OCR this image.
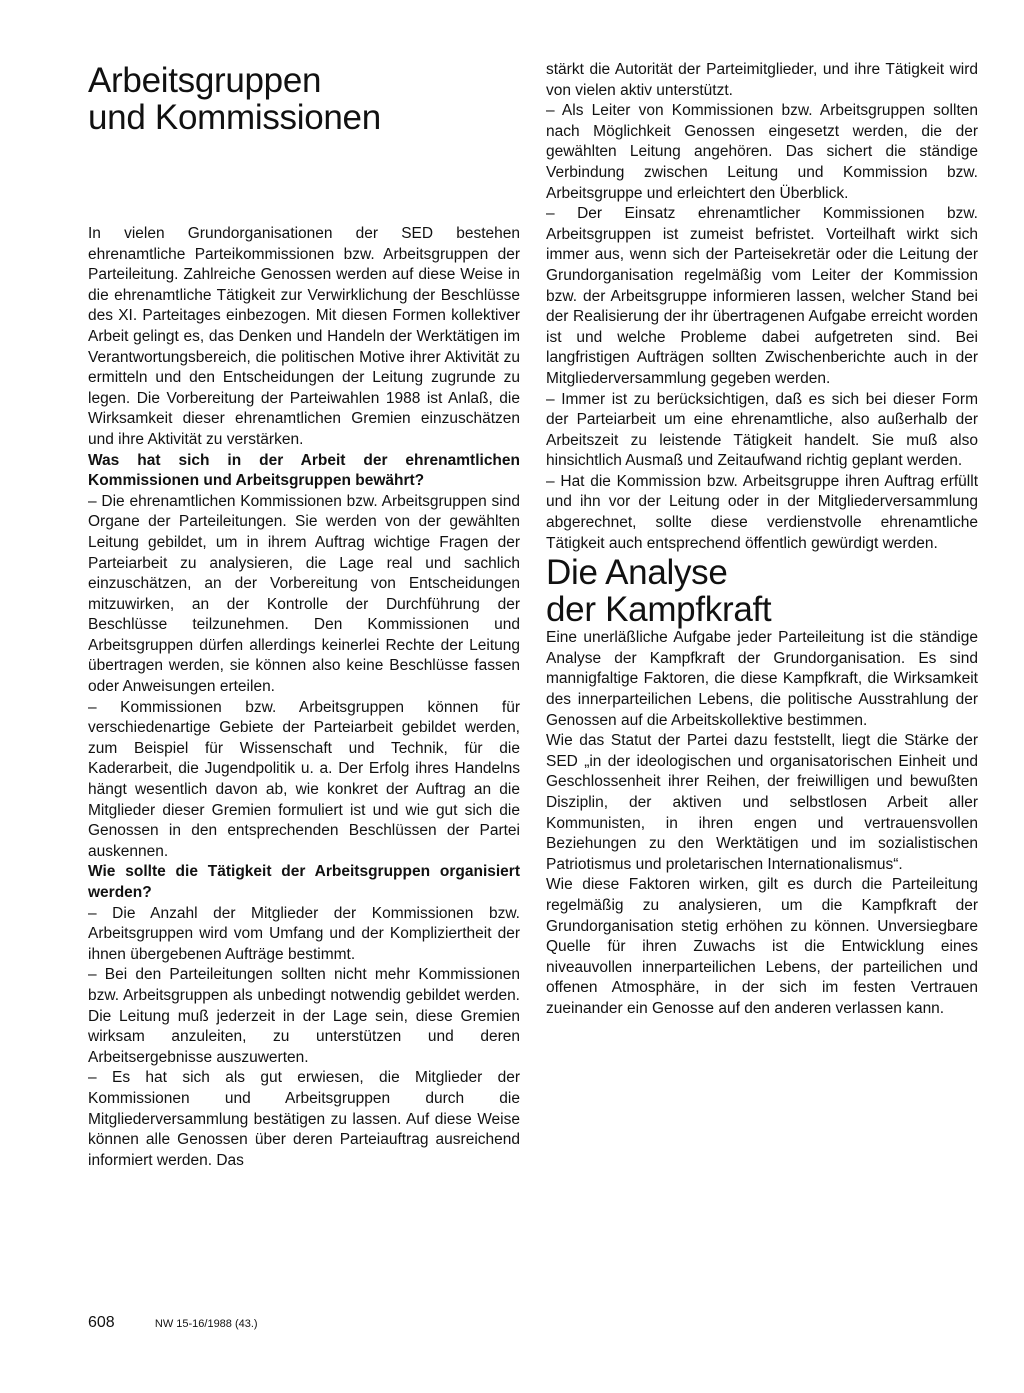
Arbeitsgruppen
und Kommissionen

In vielen Grundorganisationen der SED bestehen ehrenamtliche Parteikommissionen bzw. Arbeitsgruppen der Parteileitung. Zahlreiche Genossen werden auf diese Weise in die ehrenamtliche Tätigkeit zur Verwirklichung der Beschlüsse des XI. Parteitages einbezogen. Mit diesen Formen kollektiver Arbeit gelingt es, das Denken und Handeln der Werktätigen im Verantwortungsbereich, die politischen Motive ihrer Aktivität zu ermitteln und den Entscheidungen der Leitung zugrunde zu legen. Die Vorbereitung der Parteiwahlen 1988 ist Anlaß, die Wirksamkeit dieser ehrenamtlichen Gremien einzuschätzen und ihre Aktivität zu verstärken.

Was hat sich in der Arbeit der ehrenamtlichen Kommissionen und Arbeitsgruppen bewährt?

– Die ehrenamtlichen Kommissionen bzw. Arbeitsgruppen sind Organe der Parteileitungen. Sie werden von der gewählten Leitung gebildet, um in ihrem Auftrag wichtige Fragen der Parteiarbeit zu analysieren, die Lage real und sachlich einzuschätzen, an der Vorbereitung von Entscheidungen mitzuwirken, an der Kontrolle der Durchführung der Beschlüsse teilzunehmen. Den Kommissionen und Arbeitsgruppen dürfen allerdings keinerlei Rechte der Leitung übertragen werden, sie können also keine Beschlüsse fassen oder Anweisungen erteilen.

– Kommissionen bzw. Arbeitsgruppen können für verschiedenartige Gebiete der Parteiarbeit gebildet werden, zum Beispiel für Wissenschaft und Technik, für die Kaderarbeit, die Jugendpolitik u. a. Der Erfolg ihres Handelns hängt wesentlich davon ab, wie konkret der Auftrag an die Mitglieder dieser Gremien formuliert ist und wie gut sich die Genossen in den entsprechenden Beschlüssen der Partei auskennen.

Wie sollte die Tätigkeit der Arbeitsgruppen organisiert werden?

– Die Anzahl der Mitglieder der Kommissionen bzw. Arbeitsgruppen wird vom Umfang und der Kompliziertheit der ihnen übergebenen Aufträge bestimmt.

– Bei den Parteileitungen sollten nicht mehr Kommissionen bzw. Arbeitsgruppen als unbedingt notwendig gebildet werden. Die Leitung muß jederzeit in der Lage sein, diese Gremien wirksam anzuleiten, zu unterstützen und deren Arbeitsergebnisse auszuwerten.

– Es hat sich als gut erwiesen, die Mitglieder der Kommissionen und Arbeitsgruppen durch die Mitgliederversammlung bestätigen zu lassen. Auf diese Weise können alle Genossen über deren Parteiauftrag ausreichend informiert werden. Das

stärkt die Autorität der Parteimitglieder, und ihre Tätigkeit wird von vielen aktiv unterstützt.

– Als Leiter von Kommissionen bzw. Arbeitsgruppen sollten nach Möglichkeit Genossen eingesetzt werden, die der gewählten Leitung angehören. Das sichert die ständige Verbindung zwischen Leitung und Kommission bzw. Arbeitsgruppe und erleichtert den Überblick.

– Der Einsatz ehrenamtlicher Kommissionen bzw. Arbeitsgruppen ist zumeist befristet. Vorteilhaft wirkt sich immer aus, wenn sich der Parteisekretär oder die Leitung der Grundorganisation regelmäßig vom Leiter der Kommission bzw. der Arbeitsgruppe informieren lassen, welcher Stand bei der Realisierung der ihr übertragenen Aufgabe erreicht worden ist und welche Probleme dabei aufgetreten sind. Bei langfristigen Aufträgen sollten Zwischenberichte auch in der Mitgliederversammlung gegeben werden.

– Immer ist zu berücksichtigen, daß es sich bei dieser Form der Parteiarbeit um eine ehrenamtliche, also außerhalb der Arbeitszeit zu leistende Tätigkeit handelt. Sie muß also hinsichtlich Ausmaß und Zeitaufwand richtig geplant werden.

– Hat die Kommission bzw. Arbeitsgruppe ihren Auftrag erfüllt und ihn vor der Leitung oder in der Mitgliederversammlung abgerechnet, sollte diese verdienstvolle ehrenamtliche Tätigkeit auch entsprechend öffentlich gewürdigt werden.

Die Analyse
der Kampfkraft

Eine unerläßliche Aufgabe jeder Parteileitung ist die ständige Analyse der Kampfkraft der Grundorganisation. Es sind mannigfaltige Faktoren, die diese Kampfkraft, die Wirksamkeit des innerparteilichen Lebens, die politische Ausstrahlung der Genossen auf die Arbeitskollektive bestimmen.

Wie das Statut der Partei dazu feststellt, liegt die Stärke der SED „in der ideologischen und organisatorischen Einheit und Geschlossenheit ihrer Reihen, der freiwilligen und bewußten Disziplin, der aktiven und selbstlosen Arbeit aller Kommunisten, in ihren engen und vertrauensvollen Beziehungen zu den Werktätigen und im sozialistischen Patriotismus und proletarischen Internationalismus“.

Wie diese Faktoren wirken, gilt es durch die Parteileitung regelmäßig zu analysieren, um die Kampfkraft der Grundorganisation stetig erhöhen zu können. Unversiegbare Quelle für ihren Zuwachs ist die Entwicklung eines niveauvollen innerparteilichen Lebens, der parteilichen und offenen Atmosphäre, in der sich im festen Vertrauen zueinander ein Genosse auf den anderen verlassen kann.

608	NW 15-16/1988 (43.)
